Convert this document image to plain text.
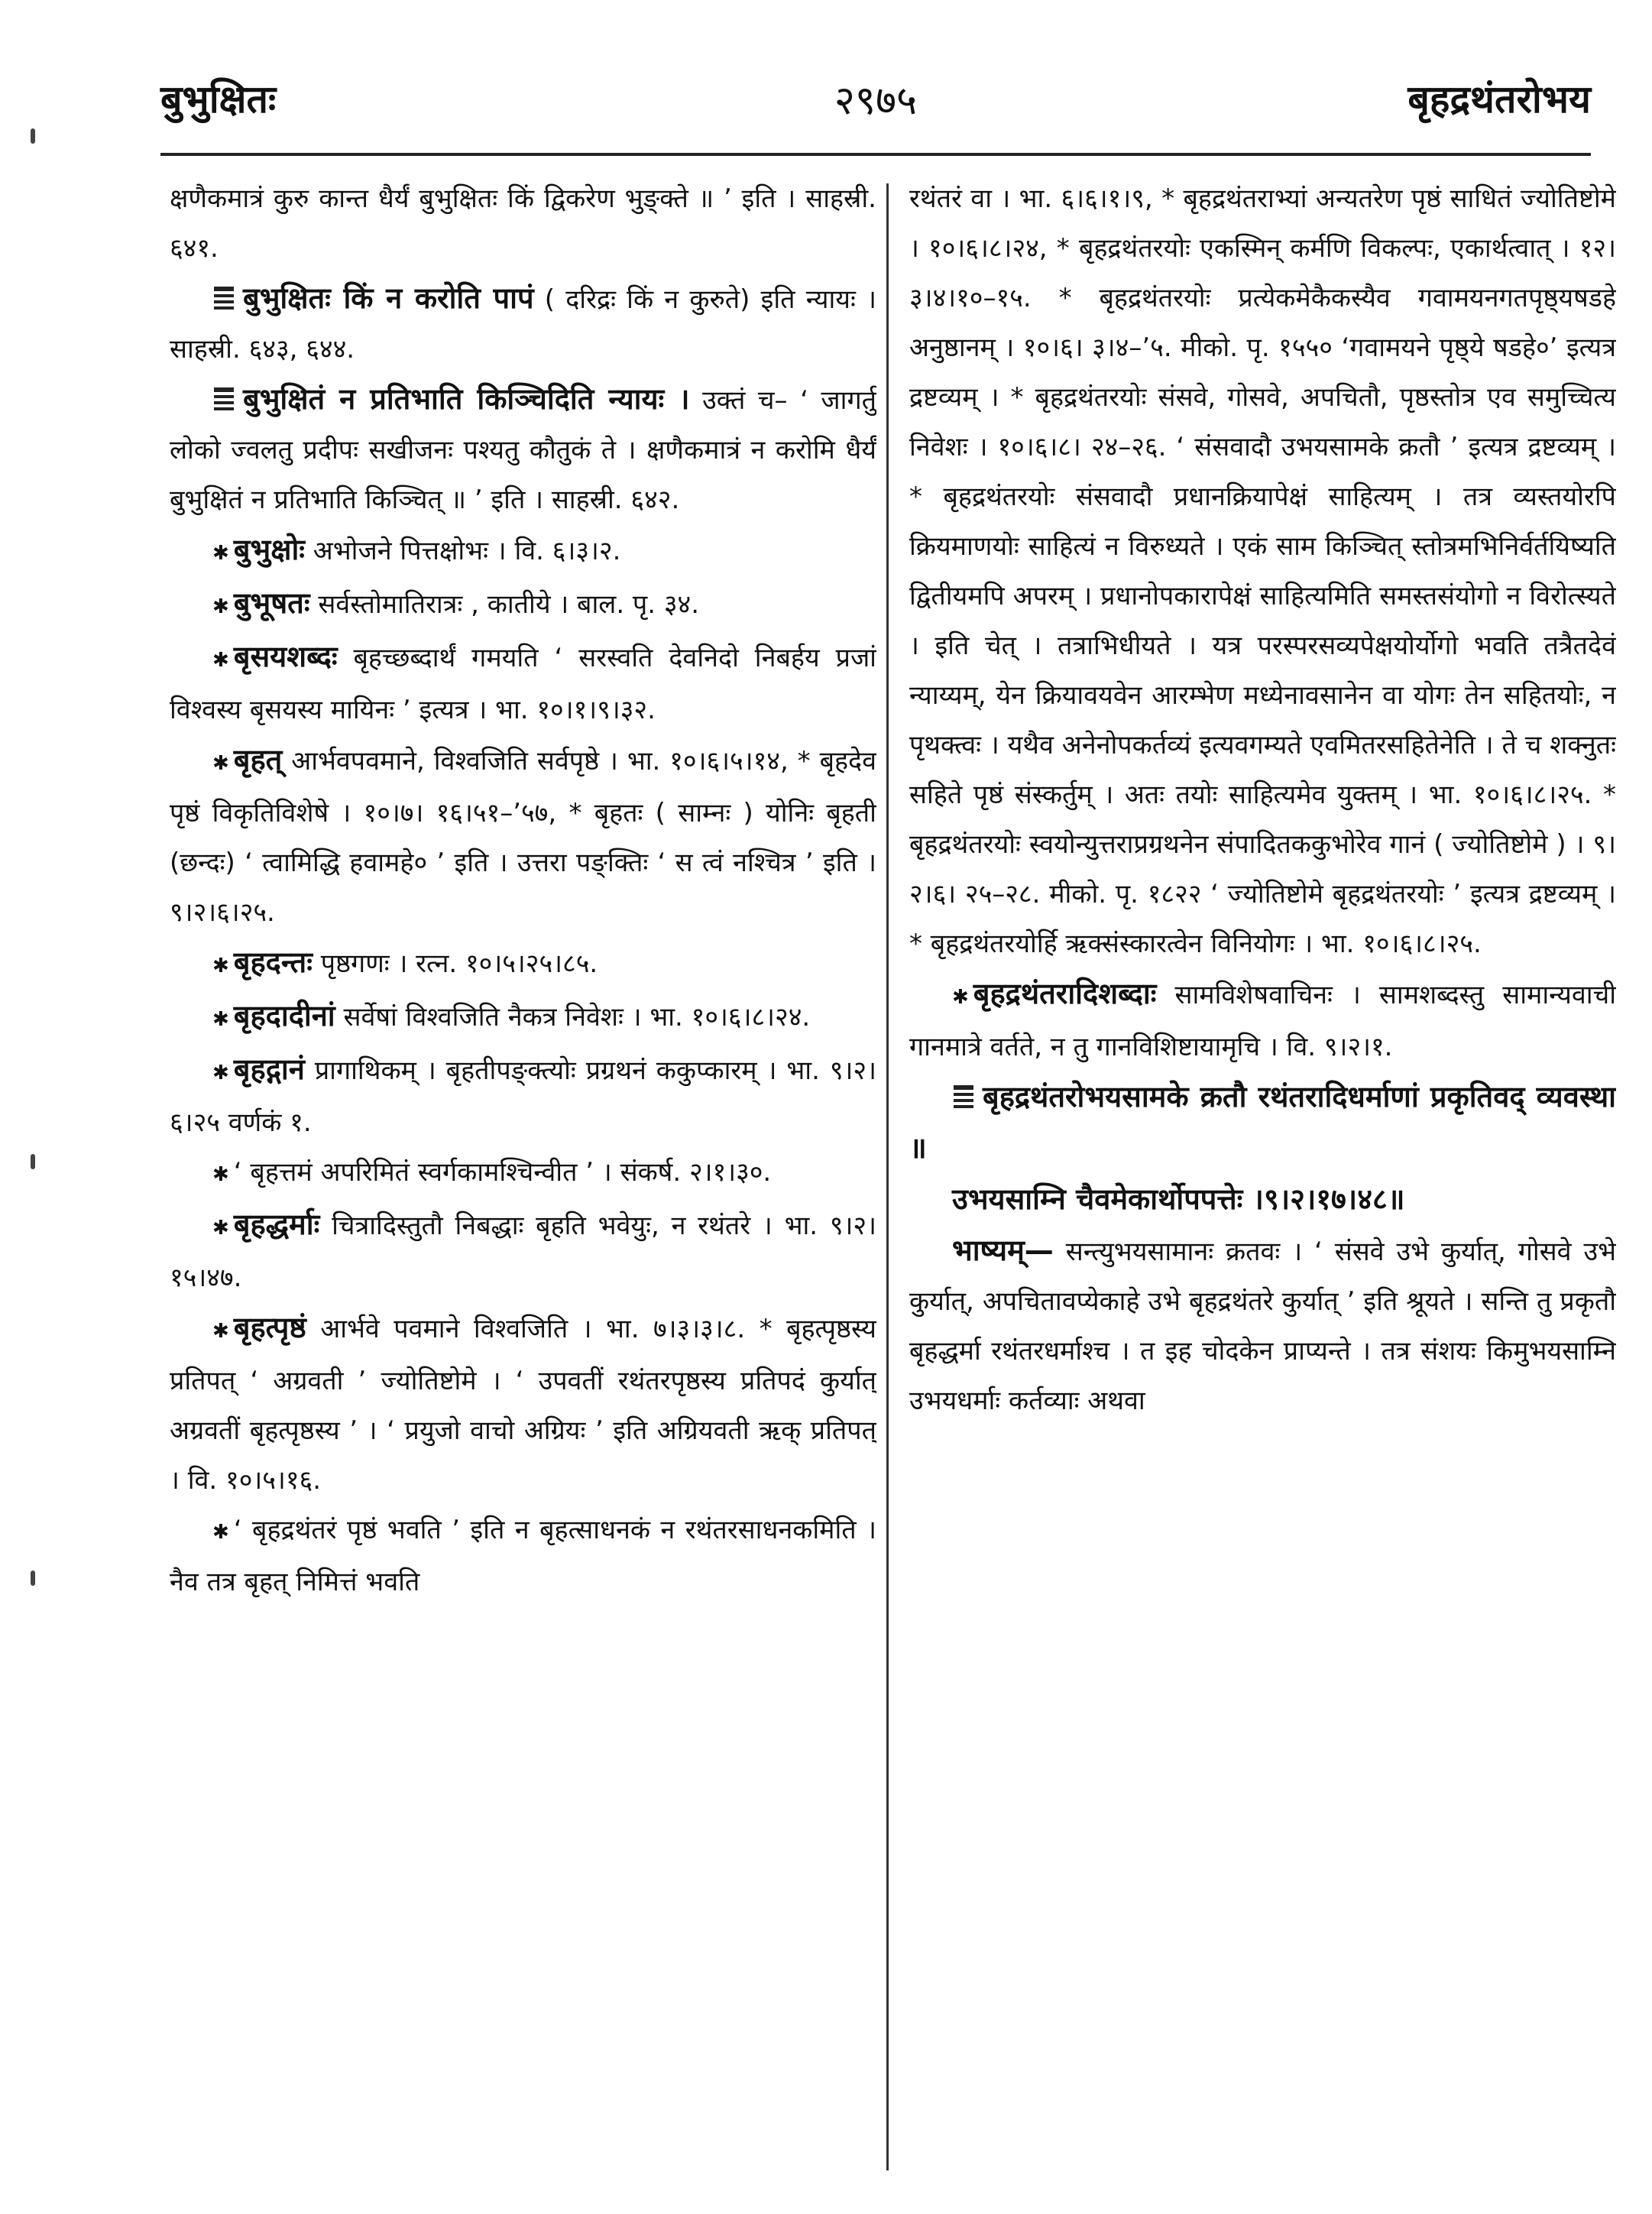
बुभुक्षितः	२९७५	बृहद्रथंतरोभय

क्षणैकमात्रं कुरु कान्त धैर्यं बुभुक्षितः किं द्विकरेण भुङ्क्ते ॥ ’ इति । साहस्री. ६४१.

बुभुक्षितः किं न करोति पापं ( दरिद्रः किं न कुरुते) इति न्यायः । साहस्री. ६४३, ६४४.

बुभुक्षितं न प्रतिभाति किञ्चिदिति न्यायः । उक्तं च– ‘ जागर्तु लोको ज्वलतु प्रदीपः सखीजनः पश्यतु कौतुकं ते । क्षणैकमात्रं न करोमि धैर्यं बुभुक्षितं न प्रतिभाति किञ्चित् ॥ ’ इति । साहस्री. ६४२.

✱ बुभुक्षोः अभोजने पित्तक्षोभः । वि. ६।३।२.

✱ बुभूषतः सर्वस्तोमातिरात्रः , कातीये । बाल. पृ. ३४.

✱ बृसयशब्दः बृहच्छब्दार्थं गमयति ‘ सरस्वति देवनिदो निबर्हय प्रजां विश्वस्य बृसयस्य मायिनः ’ इत्यत्र । भा. १०।१।९।३२.

✱ बृहत् आर्भवपवमाने, विश्वजिति सर्वपृष्ठे । भा. १०।६।५।१४, * बृहदेव पृष्ठं विकृतिविशेषे । १०।७। १६।५१–’५७, * बृहतः ( साम्नः ) योनिः बृहती (छन्दः) ‘ त्वामिद्धि हवामहे० ’ इति । उत्तरा पङ्क्तिः ‘ स त्वं नश्चित्र ’ इति । ९।२।६।२५.

✱ बृहदन्तः पृष्ठगणः । रत्न. १०।५।२५।८५.

✱ बृहदादीनां सर्वेषां विश्वजिति नैकत्र निवेशः । भा. १०।६।८।२४.

✱ बृहद्गानं प्रागाथिकम् । बृहतीपङ्क्त्योः प्रग्रथनं ककुप्कारम् । भा. ९।२।६।२५ वर्णकं १.

✱ ‘ बृहत्तमं अपरिमितं स्वर्गकामश्चिन्वीत ’ । संकर्ष. २।१।३०.

✱ बृहद्धर्माः चित्रादिस्तुतौ निबद्धाः बृहति भवेयुः, न रथंतरे । भा. ९।२।१५।४७.

✱ बृहत्पृष्ठं आर्भवे पवमाने विश्वजिति । भा. ७।३।३।८. * बृहत्पृष्ठस्य प्रतिपत् ‘ अग्रवती ’ ज्योतिष्टोमे । ‘ उपवतीं रथंतरपृष्ठस्य प्रतिपदं कुर्यात् अग्रवतीं बृहत्पृष्ठस्य ’ । ‘ प्रयुजो वाचो अग्रियः ’ इति अग्रियवती ऋक् प्रतिपत् । वि. १०।५।१६.

✱ ‘ बृहद्रथंतरं पृष्ठं भवति ’ इति न बृहत्साधनकं न रथंतरसाधनकमिति । नैव तत्र बृहत् निमित्तं भवति

रथंतरं वा । भा. ६।६।१।९, * बृहद्रथंतराभ्यां अन्यतरेण पृष्ठं साधितं ज्योतिष्टोमे । १०।६।८।२४, * बृहद्रथंतरयोः एकस्मिन् कर्मणि विकल्पः, एकार्थत्वात् । १२।३।४।१०–१५. * बृहद्रथंतरयोः प्रत्येकमेकैकस्यैव गवामयनगतपृष्ठ्यषडहे अनुष्ठानम् । १०।६। ३।४–’५. मीको. पृ. १५५० ‘गवामयने पृष्ठ्ये षडहे०’ इत्यत्र द्रष्टव्यम् । * बृहद्रथंतरयोः संसवे, गोसवे, अपचितौ, पृष्ठस्तोत्र एव समुच्चित्य निवेशः । १०।६।८। २४–२६. ‘ संसवादौ उभयसामके क्रतौ ’ इत्यत्र द्रष्टव्यम् । * बृहद्रथंतरयोः संसवादौ प्रधानक्रियापेक्षं साहित्यम् । तत्र व्यस्तयोरपि क्रियमाणयोः साहित्यं न विरुध्यते । एकं साम किञ्चित् स्तोत्रमभिनिर्वर्तयिष्यति द्वितीयमपि अपरम् । प्रधानोपकारापेक्षं साहित्यमिति समस्तसंयोगो न विरोत्स्यते । इति चेत् । तत्राभिधीयते । यत्र परस्परसव्यपेक्षयोर्योगो भवति तत्रैतदेवं न्याय्यम्, येन क्रियावयवेन आरम्भेण मध्येनावसानेन वा योगः तेन सहितयोः, न पृथक्त्वः । यथैव अनेनोपकर्तव्यं इत्यवगम्यते एवमितरसहितेनेति । ते च शक्नुतः सहिते पृष्ठं संस्कर्तुम् । अतः तयोः साहित्यमेव युक्तम् । भा. १०।६।८।२५. * बृहद्रथंतरयोः स्वयोन्युत्तराप्रग्रथनेन संपादितककुभोरेव गानं ( ज्योतिष्टोमे ) । ९।२।६। २५–२८. मीको. पृ. १८२२ ‘ ज्योतिष्टोमे बृहद्रथंतरयोः ’ इत्यत्र द्रष्टव्यम् । * बृहद्रथंतरयोर्हि ऋक्संस्कारत्वेन विनियोगः । भा. १०।६।८।२५.

✱ बृहद्रथंतरादिशब्दाः सामविशेषवाचिनः । सामशब्दस्तु सामान्यवाची गानमात्रे वर्तते, न तु गानविशिष्टायामृचि । वि. ९।२।१.

बृहद्रथंतरोभयसामके क्रतौ रथंतरादिधर्माणां प्रकृतिवद् व्यवस्था ॥

उभयसाम्नि चैवमेकार्थोपपत्तेः ।९।२।१७।४८॥

भाष्यम्— सन्त्युभयसामानः क्रतवः । ‘ संसवे उभे कुर्यात्, गोसवे उभे कुर्यात्, अपचितावप्येकाहे उभे बृहद्रथंतरे कुर्यात् ’ इति श्रूयते । सन्ति तु प्रकृतौ बृहद्धर्मा रथंतरधर्माश्च । त इह चोदकेन प्राप्यन्ते । तत्र संशयः किमुभयसाम्नि उभयधर्माः कर्तव्याः अथवा
